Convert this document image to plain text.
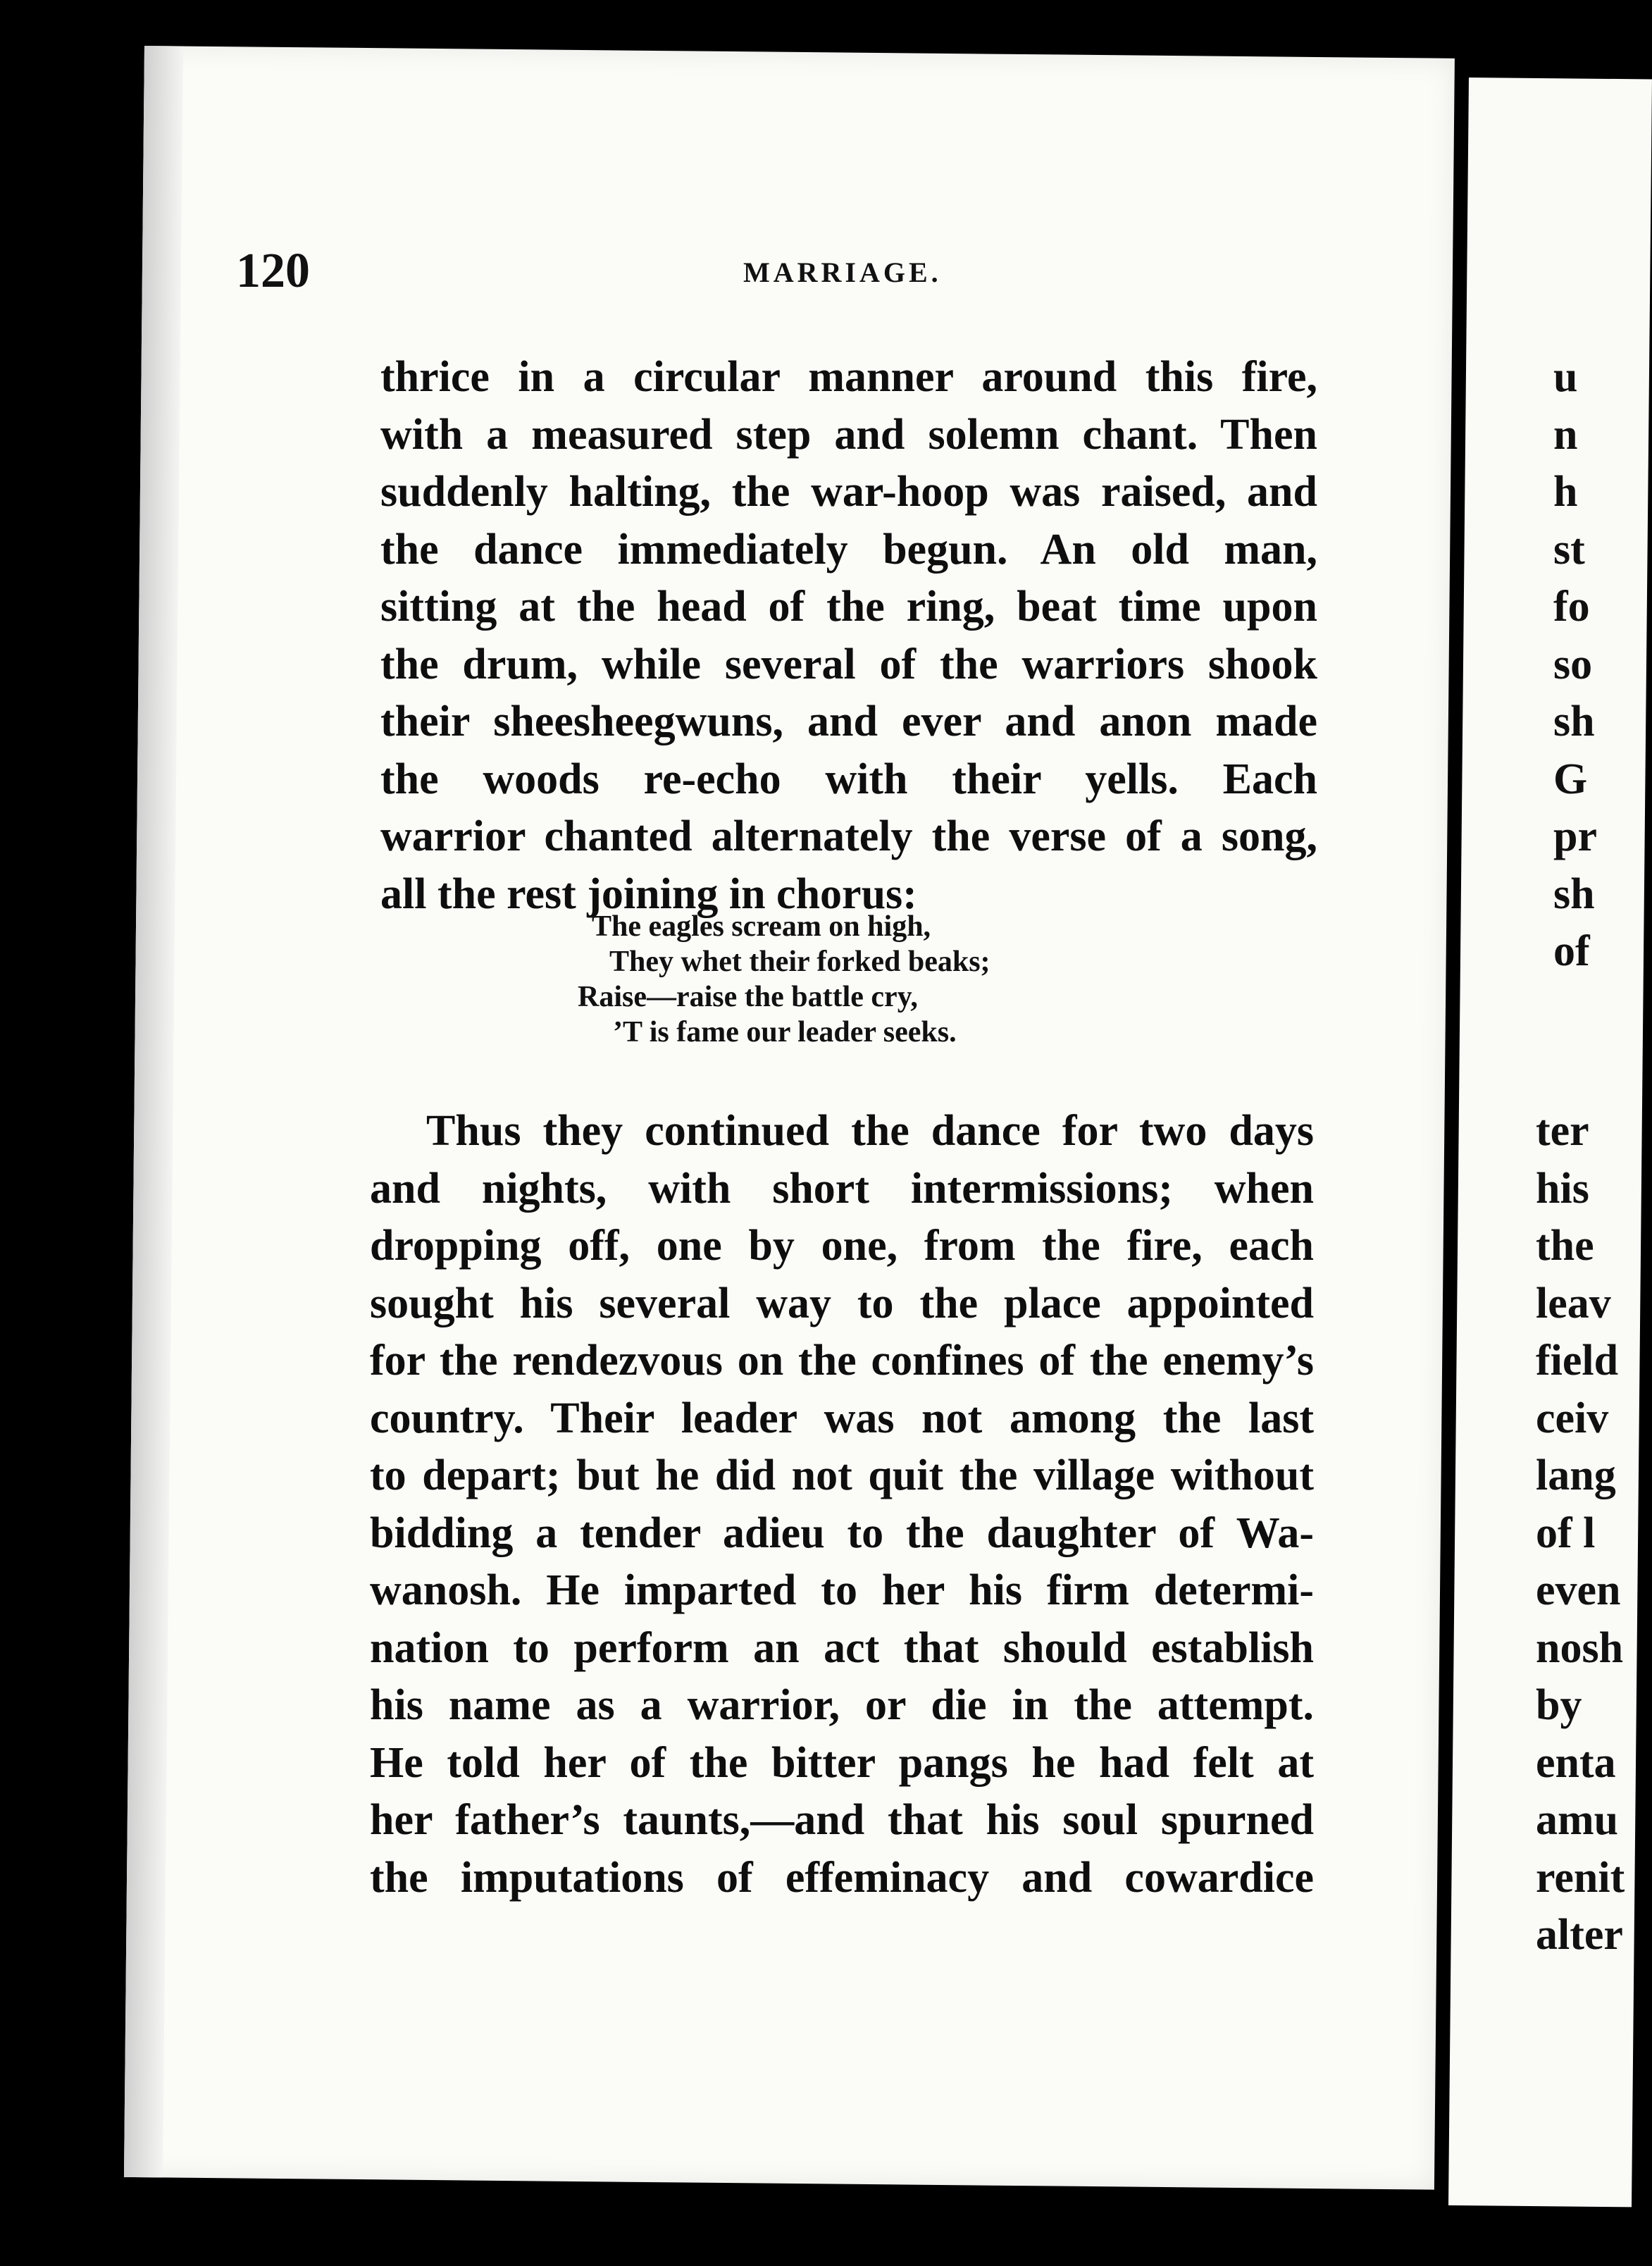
120	MARRIAGE.
thrice in a circular manner around this fire,
with a measured step and solemn chant. Then
suddenly halting, the war-hoop was raised, and
the dance immediately begun. An old man,
sitting at the head of the ring, beat time upon
the drum, while several of the warriors shook
their sheesheegwuns, and ever and anon made
the woods re-echo with their yells. Each
warrior chanted alternately the verse of a song,
all the rest joining in chorus:
The eagles scream on high,
They whet their forked beaks;
Raise—raise the battle cry,
’T is fame our leader seeks.
Thus they continued the dance for two days
and nights, with short intermissions; when
dropping off, one by one, from the fire, each
sought his several way to the place appointed
for the rendezvous on the confines of the enemy’s
country. Their leader was not among the last
to depart; but he did not quit the village without
bidding a tender adieu to the daughter of Wa-
wanosh. He imparted to her his firm determi-
nation to perform an act that should establish
his name as a warrior, or die in the attempt.
He told her of the bitter pangs he had felt at
her father’s taunts,—and that his soul spurned
the imputations of effeminacy and cowardice
u
n
h
st
fo
so
sh
G
pr
sh
of
ter
his
the
leav
field
ceiv
lang
of l
even
nosh
by
enta
amu
renit
alter
